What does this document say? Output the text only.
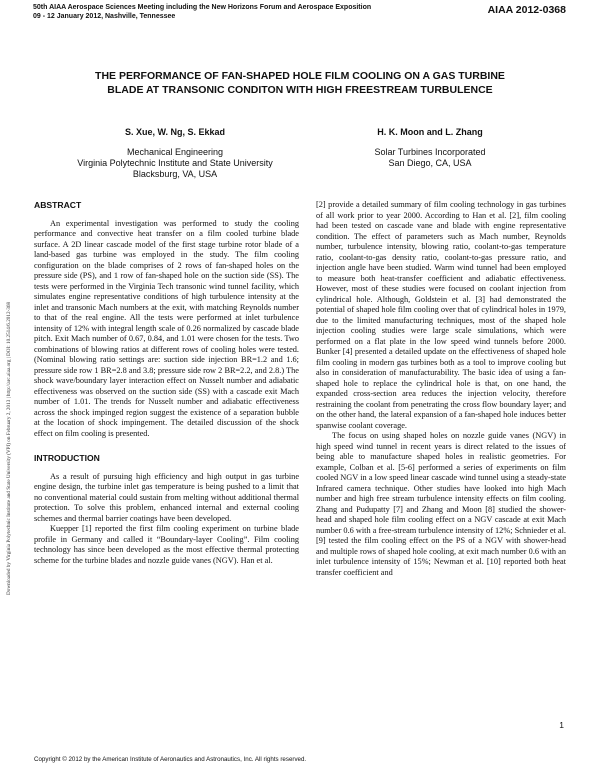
50th AIAA Aerospace Sciences Meeting including the New Horizons Forum and Aerospace Exposition
09 - 12 January 2012, Nashville, Tennessee	AIAA 2012-0368
Downloaded by Virginia Polytechnic Institute and State University (VPI) on February 2, 2013 | http://arc.aiaa.org | DOI: 10.2514/6.2012-368
THE PERFORMANCE OF FAN-SHAPED HOLE FILM COOLING ON A GAS TURBINE
BLADE AT TRANSONIC CONDITON WITH HIGH FREESTREAM TURBULENCE
S. Xue, W. Ng, S. Ekkad
Mechanical Engineering
Virginia Polytechnic Institute and State University
Blacksburg, VA, USA
H. K. Moon and L. Zhang
Solar Turbines Incorporated
San Diego, CA, USA
ABSTRACT

An experimental investigation was performed to study the cooling performance and convective heat transfer on a film cooled turbine blade surface. A 2D linear cascade model of the first stage turbine rotor blade of a land-based gas turbine was employed in the study. The film cooling configuration on the blade comprises of 2 rows of fan-shaped holes on the pressure side (PS), and 1 row of fan-shaped hole on the suction side (SS). The tests were performed in the Virginia Tech transonic wind tunnel facility, which simulates engine representative conditions of high turbulence intensity at the inlet and transonic Mach numbers at the exit, with matching Reynolds number to that of the real engine. All the tests were performed at inlet turbulence intensity of 12% with integral length scale of 0.26 normalized by cascade blade pitch. Exit Mach number of 0.67, 0.84, and 1.01 were chosen for the tests. Two combinations of blowing ratios at different rows of cooling holes were tested. (Nominal blowing ratio settings are: suction side injection BR=1.2 and 1.6; pressure side row 1 BR=2.8 and 3.8; pressure side row 2 BR=2.2, and 2.8.) The shock wave/boundary layer interaction effect on Nusselt number and adiabatic effectiveness was observed on the suction side (SS) with a cascade exit Mach number of 1.01. The trends for Nusselt number and adiabatic effectiveness across the shock impinged region suggest the existence of a separation bubble at the location of shock impingement. The detailed discussion of the shock effect on film cooling is presented.

INTRODUCTION

As a result of pursuing high efficiency and high output in gas turbine engine design, the turbine inlet gas temperature is being pushed to a limit that no conventional material could sustain from melting without additional thermal protection. To solve this problem, enhanced internal and external cooling schemes and thermal barrier coatings have been developed.

Kuepper [1] reported the first film cooling experiment on turbine blade profile in Germany and called it “Boundary-layer Cooling”. Film cooling technology has since been developed as the most effective thermal protecting scheme for the turbine blades and nozzle guide vanes (NGV). Han et al.

[2] provide a detailed summary of film cooling technology in gas turbines of all work prior to year 2000. According to Han et al. [2], film cooling had been tested on cascade vane and blade with engine representative condition. The effect of parameters such as Mach number, Reynolds number, turbulence intensity, blowing ratio, coolant-to-gas temperature ratio, coolant-to-gas density ratio, coolant-to-gas pressure ratio, and injection angle have been studied. Warm wind tunnel had been employed to measure both heat-transfer coefficient and adiabatic effectiveness. However, most of these studies were focused on coolant injection from cylindrical hole. Although, Goldstein et al. [3] had demonstrated the potential of shaped hole film cooling over that of cylindrical holes in 1979, due to the limited manufacturing techniques, most of the shaped hole injection cooling studies were large scale simulations, which were performed on a flat plate in the low speed wind tunnels before 2000. Bunker [4] presented a detailed update on the effectiveness of shaped hole film cooling in modern gas turbines both as a tool to improve cooling but also in consideration of manufacturability. The basic idea of using a fan-shaped hole to replace the cylindrical hole is that, on one hand, the expanded cross-section area reduces the injection velocity, therefore restraining the coolant from penetrating the cross flow boundary layer; and on the other hand, the lateral expansion of a fan-shaped hole induces better spanwise coolant coverage.

The focus on using shaped holes on nozzle guide vanes (NGV) in high speed wind tunnel in recent years is direct related to the issues of being able to manufacture shaped holes in realistic geometries. For example, Colban et al. [5-6] performed a series of experiments on film cooled NGV in a low speed linear cascade wind tunnel using a steady-state Infrared camera technique. Other studies have looked into high Mach number and high free stream turbulence intensity effects on film cooling. Zhang and Pudupatty [7] and Zhang and Moon [8] studied the shower-head and shaped hole film cooling effect on a NGV cascade at exit Mach number 0.6 with a free-stream turbulence intensity of 12%; Schnieder et al. [9] tested the film cooling effect on the PS of a NGV with shower-head and multiple rows of shaped hole cooling, at exit mach number 0.6 with an inlet turbulence intensity of 15%; Newman et al. [10] reported both heat transfer coefficient and

1
Copyright © 2012 by the American Institute of Aeronautics and Astronautics, Inc. All rights reserved.
